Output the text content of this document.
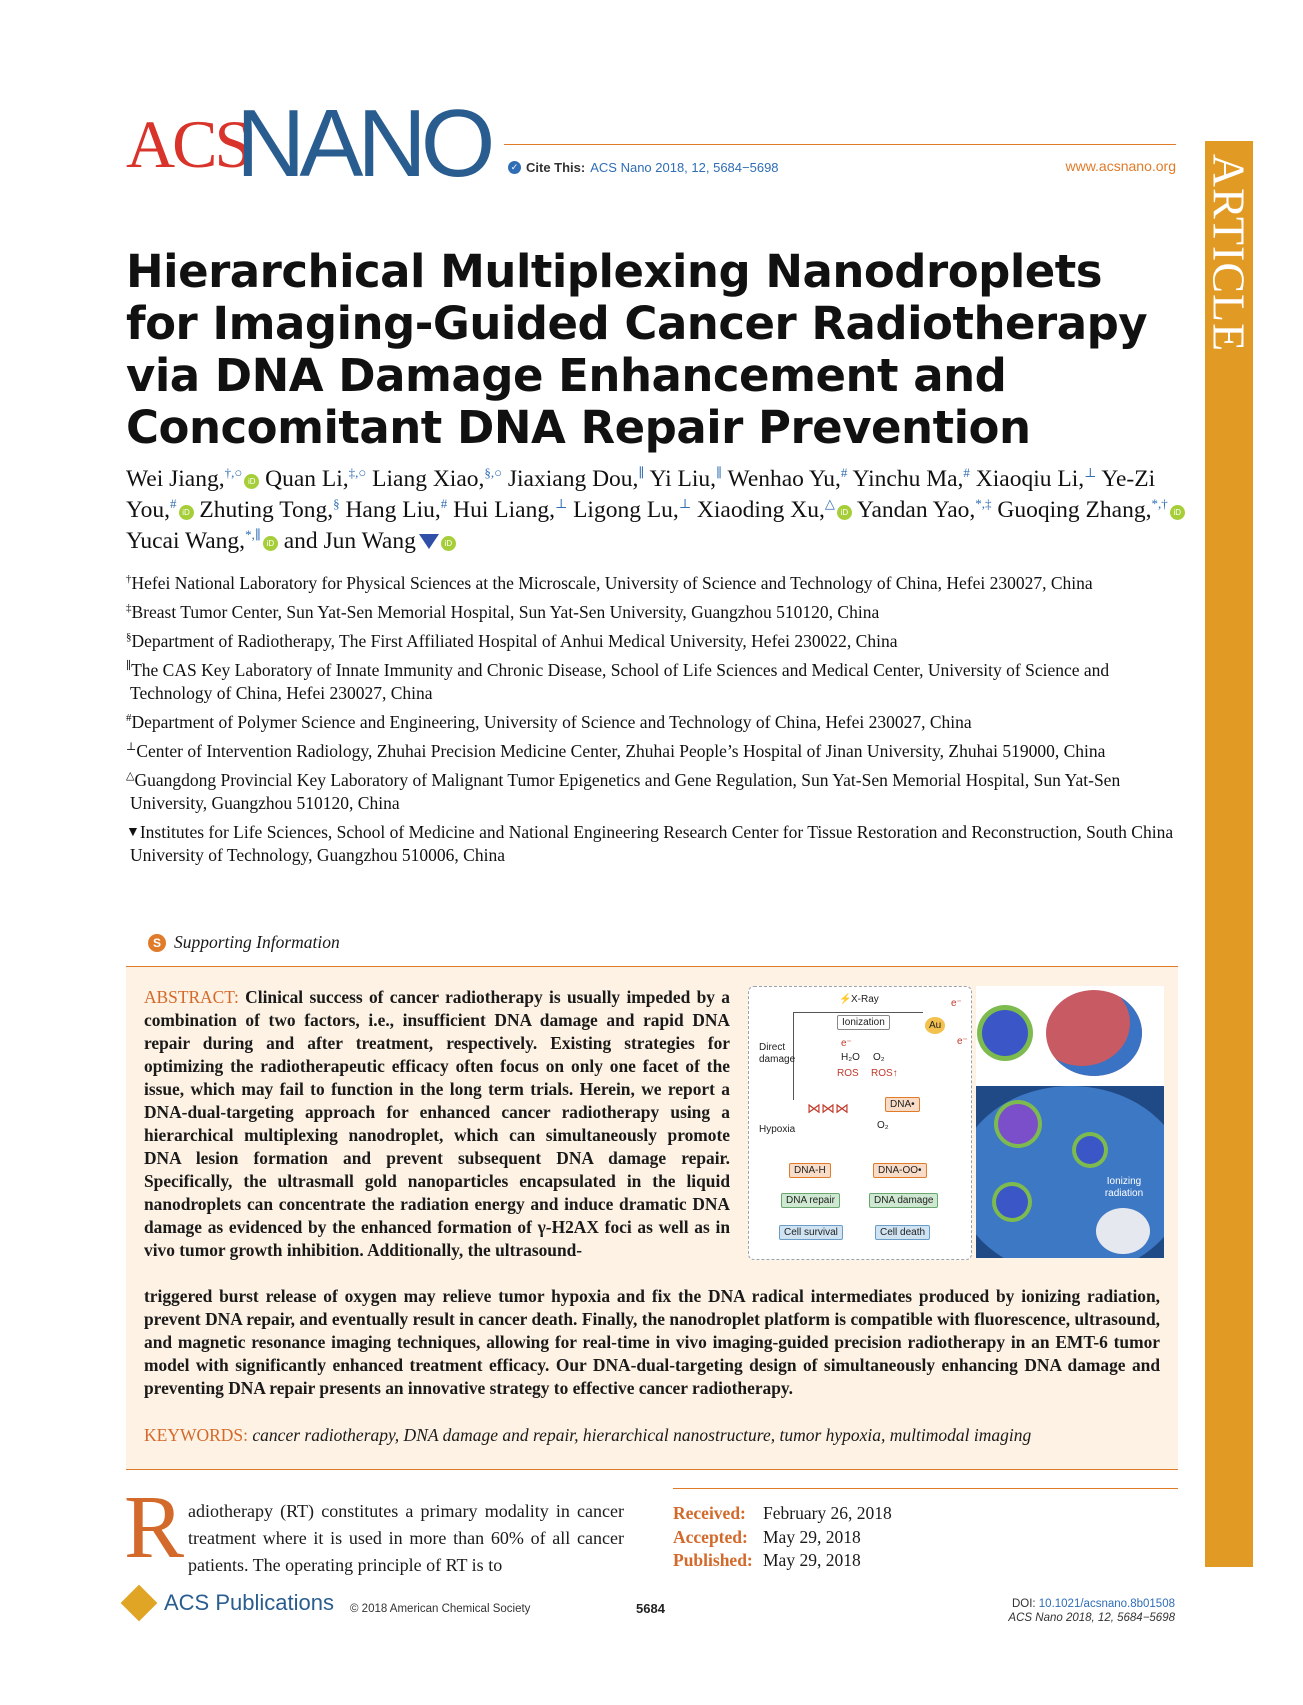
ACS
NANO	✓ Cite This: ACS Nano 2018, 12, 5684−5698	www.acsnano.org ARTICLE
Hierarchical Multiplexing Nanodroplets for Imaging-Guided Cancer Radiotherapy via DNA Damage Enhancement and Concomitant DNA Repair Prevention
Wei Jiang,†,○iD Quan Li,‡,○ Liang Xiao,§,○ Jiaxiang Dou,∥ Yi Liu,∥ Wenhao Yu,# Yinchu Ma,# Xiaoqiu Li,⊥ Ye-Zi You,#iD Zhuting Tong,§ Hang Liu,# Hui Liang,⊥ Ligong Lu,⊥ Xiaoding Xu,△iD Yandan Yao,*,‡ Guoqing Zhang,*,†iD Yucai Wang,*,∥iD and Jun Wang	iD
†Hefei National Laboratory for Physical Sciences at the Microscale, University of Science and Technology of China, Hefei 230027, China
‡Breast Tumor Center, Sun Yat-Sen Memorial Hospital, Sun Yat-Sen University, Guangzhou 510120, China
§Department of Radiotherapy, The First Affiliated Hospital of Anhui Medical University, Hefei 230022, China
∥The CAS Key Laboratory of Innate Immunity and Chronic Disease, School of Life Sciences and Medical Center, University of Science and Technology of China, Hefei 230027, China
#Department of Polymer Science and Engineering, University of Science and Technology of China, Hefei 230027, China
⊥Center of Intervention Radiology, Zhuhai Precision Medicine Center, Zhuhai People’s Hospital of Jinan University, Zhuhai 519000, China
△Guangdong Provincial Key Laboratory of Malignant Tumor Epigenetics and Gene Regulation, Sun Yat-Sen Memorial Hospital, Sun Yat-Sen University, Guangzhou 510120, China
▼Institutes for Life Sciences, School of Medicine and National Engineering Research Center for Tissue Restoration and Reconstruction, South China University of Technology, Guangzhou 510006, China
S Supporting Information
ABSTRACT: Clinical success of cancer radiotherapy is usually impeded by a combination of two factors, i.e., insufficient DNA damage and rapid DNA repair during and after treatment, respectively. Existing strategies for optimizing the radiotherapeutic efficacy often focus on only one facet of the issue, which may fail to function in the long term trials. Herein, we report a DNA-dual-targeting approach for enhanced cancer radiotherapy using a hierarchical multiplexing nanodroplet, which can simultaneously promote DNA lesion formation and prevent subsequent DNA damage repair. Specifically, the ultrasmall gold nanoparticles encapsulated in the liquid nanodroplets can concentrate the radiation energy and induce dramatic DNA damage as evidenced by the enhanced formation of γ-H2AX foci as well as in vivo tumor growth inhibition. Additionally, the ultrasound-
triggered burst release of oxygen may relieve tumor hypoxia and fix the DNA radical intermediates produced by ionizing radiation, prevent DNA repair, and eventually result in cancer death. Finally, the nanodroplet platform is compatible with fluorescence, ultrasound, and magnetic resonance imaging techniques, allowing for real-time in vivo imaging-guided precision radiotherapy in an EMT-6 tumor model with significantly enhanced treatment efficacy. Our DNA-dual-targeting design of simultaneously enhancing DNA damage and preventing DNA repair presents an innovative strategy to effective cancer radiotherapy.
KEYWORDS: cancer radiotherapy, DNA damage and repair, hierarchical nanostructure, tumor hypoxia, multimodal imaging
⚡ X-Ray
Ionization	Au
e⁻
e⁻
e⁻
Direct damage	H₂O	O₂
ROS	ROS↑
⋈⋈⋈	DNA•
Hypoxia	O₂
DNA-H	DNA-OO•
DNA repair	DNA damage
Cell survival	Cell death
Ionizing radiation
R adiotherapy (RT) constitutes a primary modality in cancer treatment where it is used in more than 60% of all cancer patients. The operating principle of RT is to
Received: February 26, 2018
Accepted: May 29, 2018
Published: May 29, 2018
ACS Publications © 2018 American Chemical Society	5684	DOI: 10.1021/acsnano.8b01508
ACS Nano 2018, 12, 5684−5698
